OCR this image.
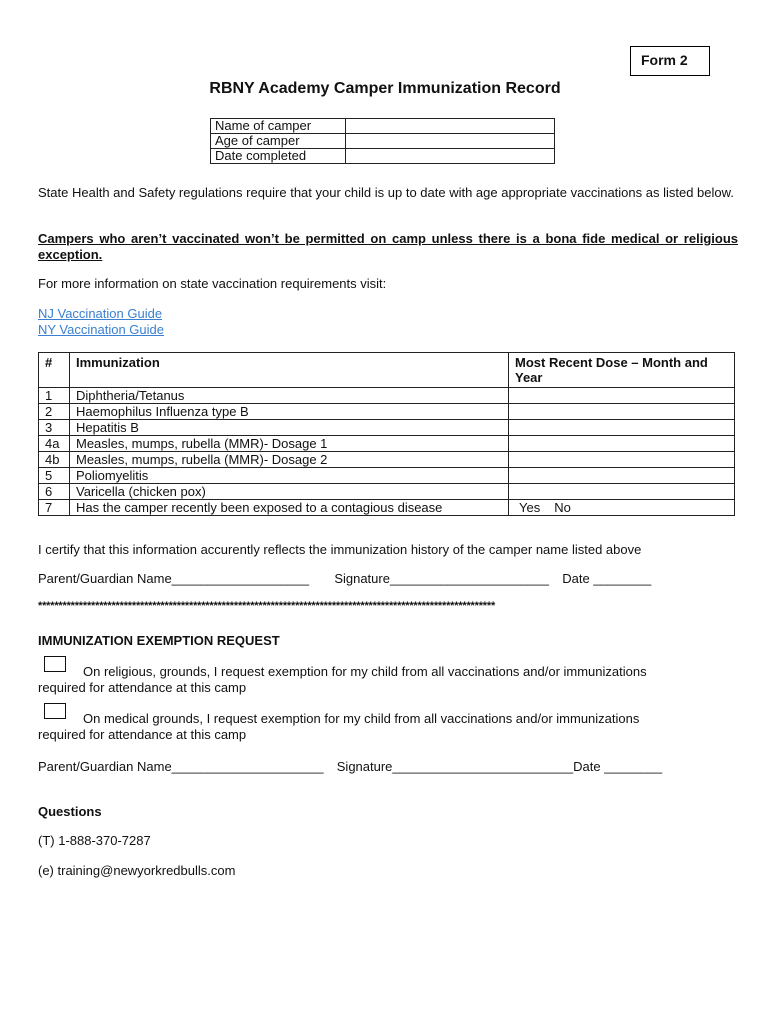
Form 2
RBNY Academy Camper Immunization Record
Name of camper	
Age of camper	
Date completed	
State Health and Safety regulations require that your child is up to date with age appropriate vaccinations as listed below.
Campers who aren’t vaccinated won’t be permitted on camp unless there is a bona fide medical or religious exception.
For more information on state vaccination requirements visit:
NJ Vaccination Guide
NY Vaccination Guide
#	Immunization	Most Recent Dose – Month and Year
1	Diphtheria/Tetanus	
2	Haemophilus Influenza type B	
3	Hepatitis B	
4a	Measles, mumps, rubella (MMR)- Dosage 1	
4b	Measles, mumps, rubella (MMR)- Dosage 2	
5	Poliomyelitis	
6	Varicella (chicken pox)	
7	Has the camper recently been exposed to a contagious disease	Yes No
I certify that this information accurently reflects the immunization history of the camper name listed above
Parent/Guardian Name___________________ Signature______________________ Date ________
****************************************************************************************************************
IMMUNIZATION EXEMPTION REQUEST
On religious, grounds, I request exemption for my child from all vaccinations and/or immunizations
required for attendance at this camp
On medical grounds, I request exemption for my child from all vaccinations and/or immunizations
required for attendance at this camp
Parent/Guardian Name_____________________ Signature_________________________Date ________
Questions
(T) 1-888-370-7287
(e) training@newyorkredbulls.com
